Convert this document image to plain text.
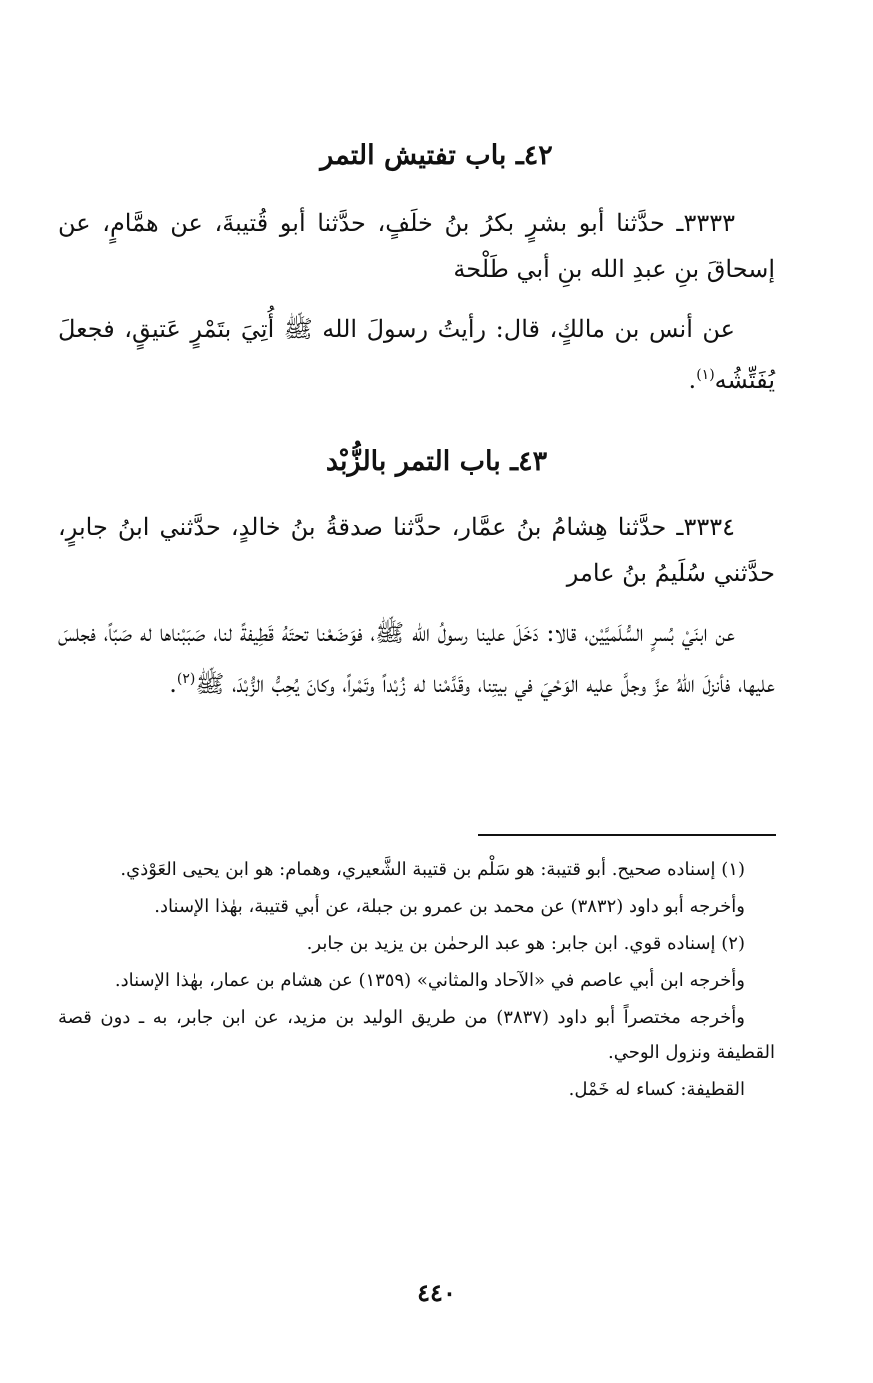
٤٢ـ باب تفتيش التمر

٣٣٣٣ـ حدَّثنا أبو بشرٍ بكرُ بنُ خلَفٍ، حدَّثنا أبو قُتيبةَ، عن همَّامٍ، عن إسحاقَ بنِ عبدِ الله بنِ أبي طَلْحة

عن أنس بن مالكٍ، قال: رأيتُ رسولَ الله ﷺ أُتِيَ بتَمْرٍ عَتيقٍ، فجعلَ يُفَتِّشُه$^{(١)}$.

٤٣ـ باب التمر بالزُّبْد

٣٣٣٤ـ حدَّثنا هِشامُ بنُ عمَّار، حدَّثنا صدقةُ بنُ خالدٍ، حدَّثني ابنُ جابرٍ، حدَّثني سُلَيمُ بنُ عامر

عن ابنَيْ بُسرٍ السُّلَميَّيْن، قالا: دَخَلَ علينا رسولُ الله ﷺ، فوَضَعْنا تحتَهُ قَطِيفةً لنا، صَبَبْناها له صَبّاً، فجلسَ عليها، فأنزلَ اللهُ عزَّ وجلَّ عليه الوَحْيَ في بيتِنا، وقَدَّمْنا له زُبْداً وتَمْراً، وكانَ يُحِبُّ الزُّبْدَ، ﷺ$^{(٢)}$.

(١) إسناده صحيح. أبو قتيبة: هو سَلْم بن قتيبة الشَّعيري، وهمام: هو ابن يحيى العَوْذي.

وأخرجه أبو داود (٣٨٣٢) عن محمد بن عمرو بن جبلة، عن أبي قتيبة، بهٰذا الإسناد.

(٢) إسناده قوي. ابن جابر: هو عبد الرحمٰن بن يزيد بن جابر.

وأخرجه ابن أبي عاصم في «الآحاد والمثاني» (١٣٥٩) عن هشام بن عمار، بهٰذا الإسناد.

وأخرجه مختصراً أبو داود (٣٨٣٧) من طريق الوليد بن مزيد، عن ابن جابر، به ـ دون قصة القطيفة ونزول الوحي.

القطيفة: كساء له خَمْل.

٤٤٠
